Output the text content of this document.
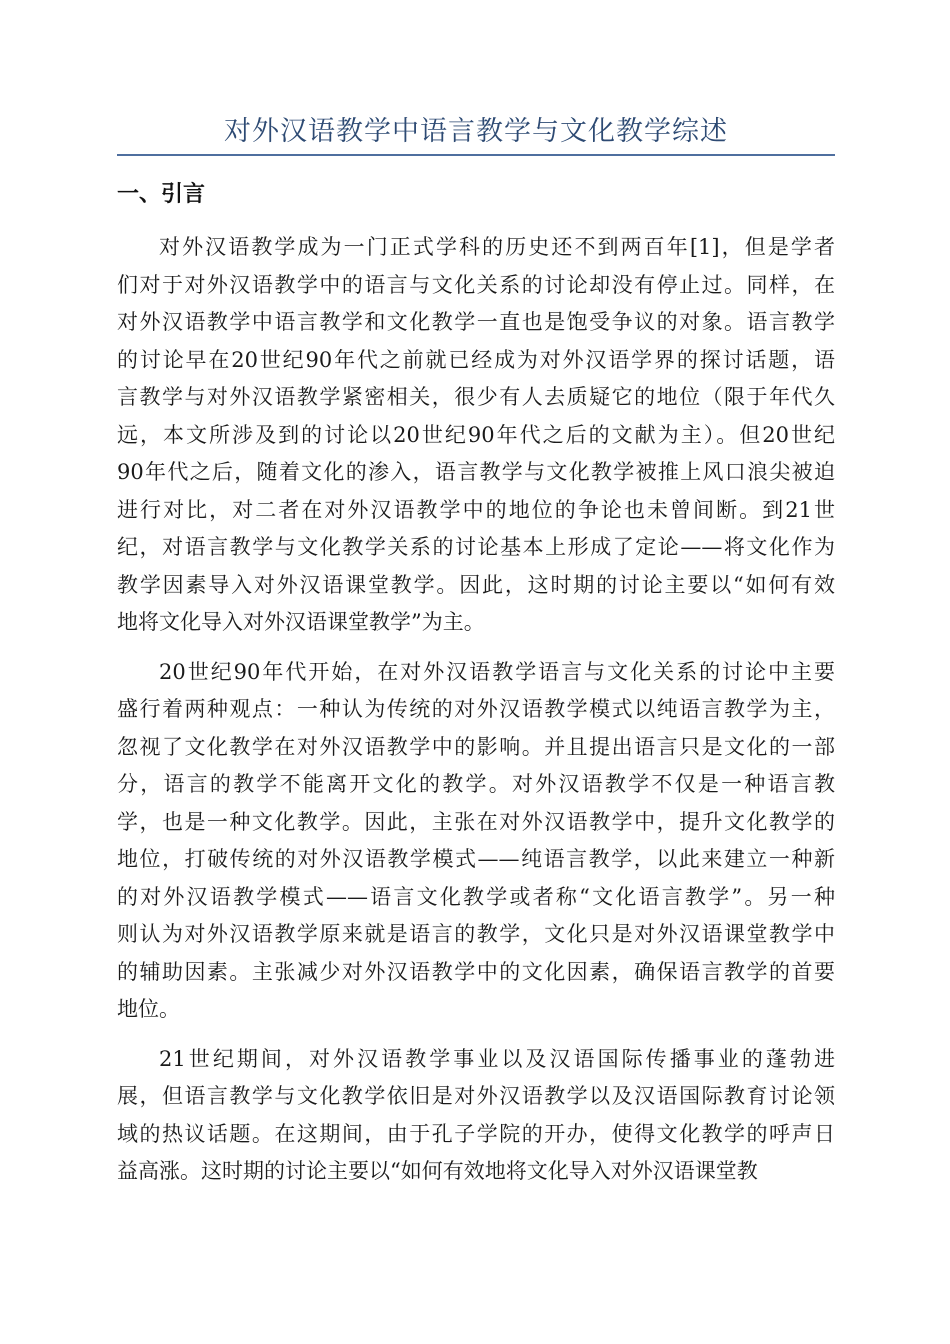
对外汉语教学中语言教学与文化教学综述
一、引言

对外汉语教学成为一门正式学科的历史还不到两百年[1]，但是学者
们对于对外汉语教学中的语言与文化关系的讨论却没有停止过。同样，在
对外汉语教学中语言教学和文化教学一直也是饱受争议的对象。语言教学
的讨论早在20世纪90年代之前就已经成为对外汉语学界的探讨话题，语
言教学与对外汉语教学紧密相关，很少有人去质疑它的地位（限于年代久
远，本文所涉及到的讨论以20世纪90年代之后的文献为主）。但20世纪
90年代之后，随着文化的渗入，语言教学与文化教学被推上风口浪尖被迫
进行对比，对二者在对外汉语教学中的地位的争论也未曾间断。到21世
纪，对语言教学与文化教学关系的讨论基本上形成了定论——将文化作为
教学因素导入对外汉语课堂教学。因此，这时期的讨论主要以“如何有效
地将文化导入对外汉语课堂教学”为主。

20世纪90年代开始，在对外汉语教学语言与文化关系的讨论中主要
盛行着两种观点：一种认为传统的对外汉语教学模式以纯语言教学为主，
忽视了文化教学在对外汉语教学中的影响。并且提出语言只是文化的一部
分，语言的教学不能离开文化的教学。对外汉语教学不仅是一种语言教
学，也是一种文化教学。因此，主张在对外汉语教学中，提升文化教学的
地位，打破传统的对外汉语教学模式——纯语言教学，以此来建立一种新
的对外汉语教学模式——语言文化教学或者称“文化语言教学”。另一种
则认为对外汉语教学原来就是语言的教学，文化只是对外汉语课堂教学中
的辅助因素。主张减少对外汉语教学中的文化因素，确保语言教学的首要
地位。

21世纪期间，对外汉语教学事业以及汉语国际传播事业的蓬勃进
展，但语言教学与文化教学依旧是对外汉语教学以及汉语国际教育讨论领
域的热议话题。在这期间，由于孔子学院的开办，使得文化教学的呼声日
益高涨。这时期的讨论主要以“如何有效地将文化导入对外汉语课堂教
